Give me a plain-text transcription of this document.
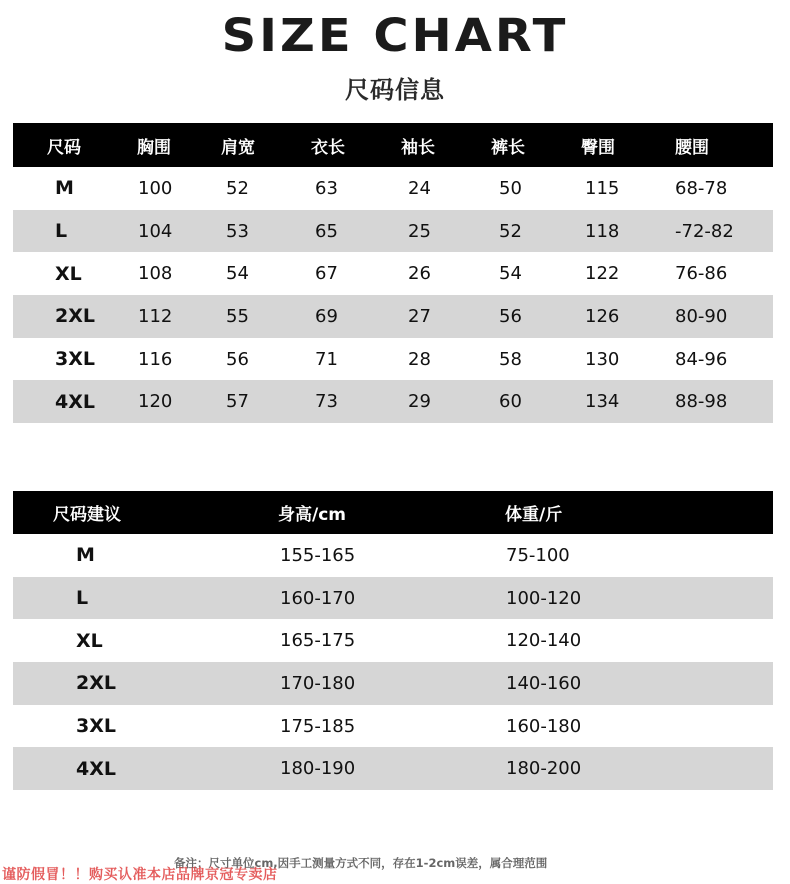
SIZE CHART
尺码信息
尺码	胸围	肩宽	衣长	袖长	裤长	臀围	腰围
M	100	52	63	24	50	115	68-78
L	104	53	65	25	52	118	-72-82
XL	108	54	67	26	54	122	76-86
2XL 112	55	69	27	56	126	80-90
3XL 116	56	71	28	58	130	84-96
4XL 120	57	73	29	60	134	88-98
尺码建议	身高/cm	体重/斤
M	155-165	75-100
L	160-170	100-120
XL	165-175	120-140
2XL	170-180	140-160
3XL	175-185	160-180
4XL	180-190	180-200
备注：尺寸单位cm,因手工测量方式不同，存在1-2cm误差，属合理范围
谨防假冒！！购买认准本店品牌京冠专卖店
